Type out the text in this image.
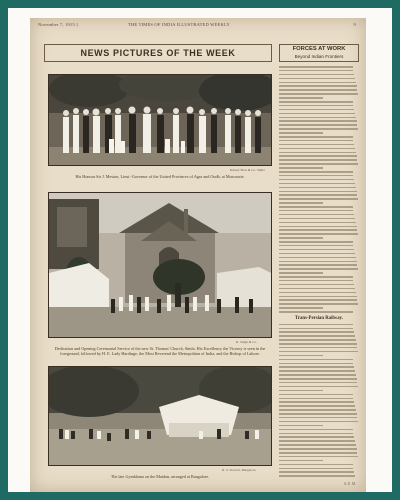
November 7, 1915.]	THE TIMES OF INDIA ILLUSTRATED WEEKLY	9
NEWS PICTURES OF THE WEEK	FORCES AT WORK
Beyond Indian Frontiers
Kinsey Bros & Co. Simla
His Honour Sir J. Meston, Lieut.-Governor of the United Provinces of Agra and Oudh, at Mussoorie.
R. Singh & Co.
Dedication and Opening Ceremonial Service of the new St. Thomas' Church, Simla. His Excellency the Viceroy is seen in the foreground, followed by H. E. Lady Hardinge, the Most Reverend the Metropolitan of India, and the Bishop of Lahore.
R. S. Stewart, Bangalore.
The late Gymkhana on the Maidan, arranged at Bangalore.
Trans-Persian Railway.
S. E. M.
